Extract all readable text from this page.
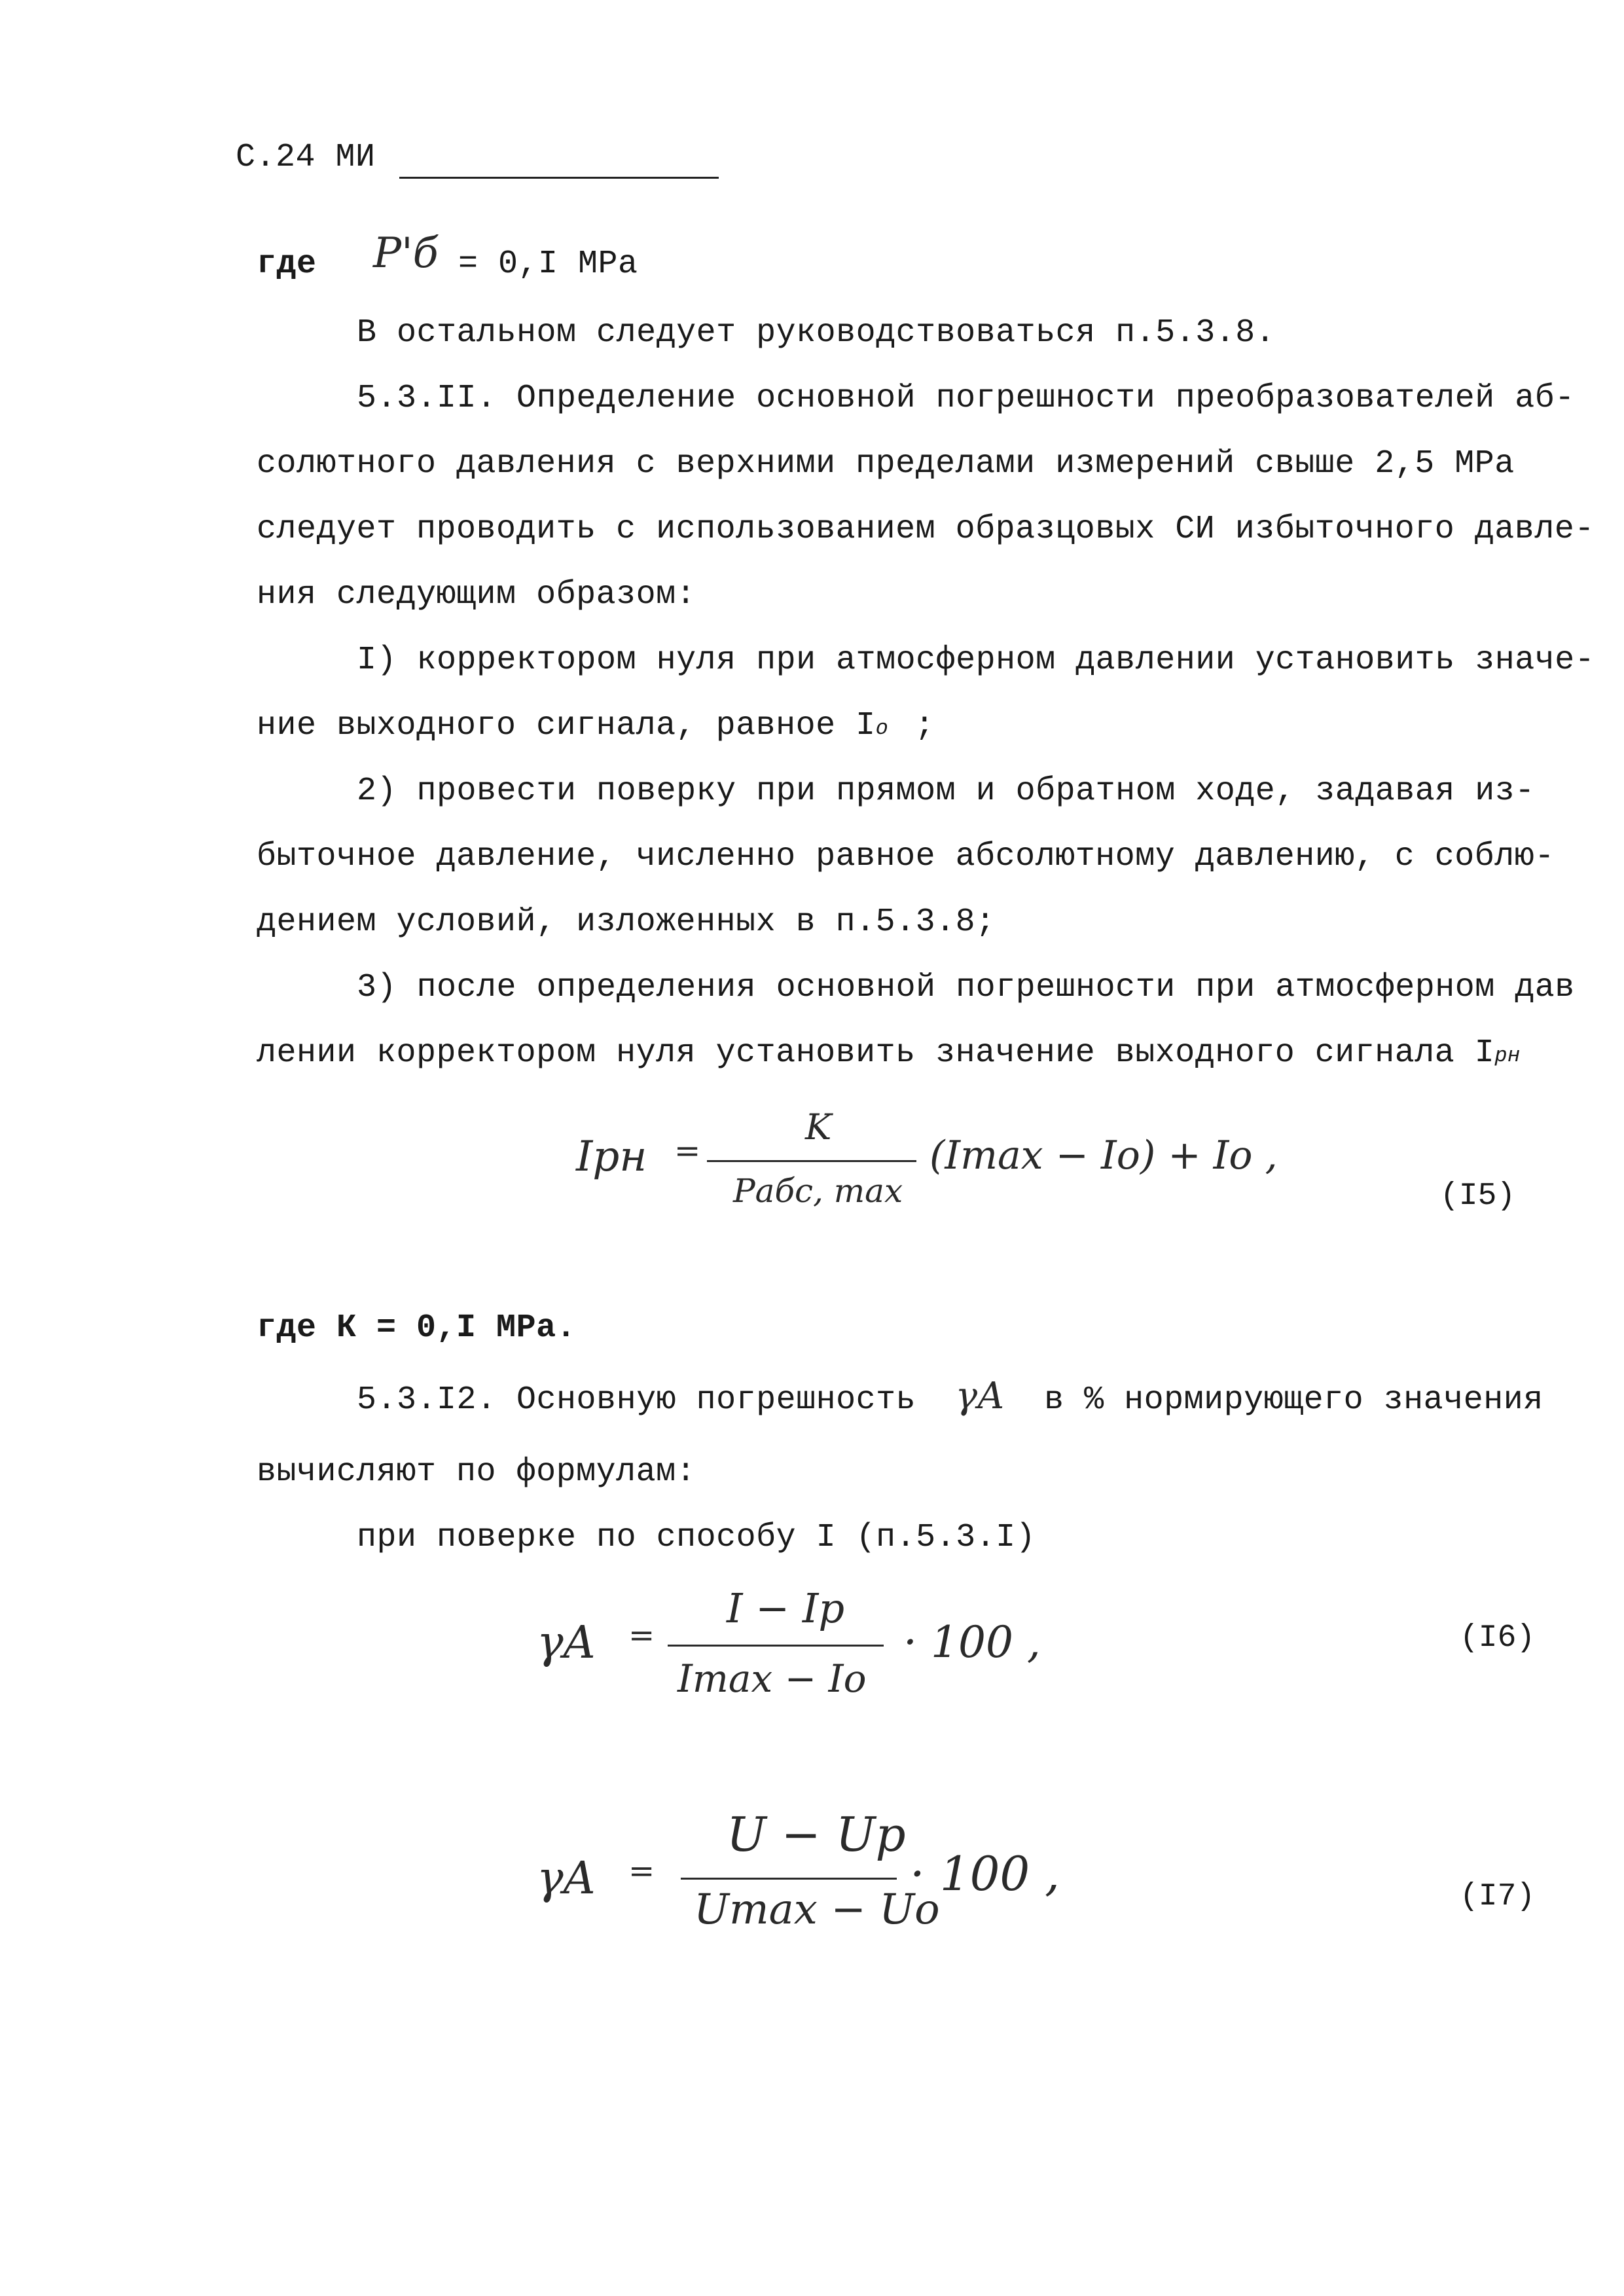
С.24 МИ
где P'б = 0,I MPa
В остальном следует руководствоваться п.5.3.8.
5.3.II. Определение основной погрешности преобразователей аб-
солютного давления с верхними пределами измерений свыше 2,5 MPa
следует проводить с использованием образцовых СИ избыточного давле-
ния следующим образом:
I) корректором нуля при атмосферном давлении установить значе-
ние выходного сигнала, равное Iо ;
2) провести поверку при прямом и обратном ходе, задавая из-
быточное давление, численно равное абсолютному давлению, с соблю-
дением условий, изложенных в п.5.3.8;
3) после определения основной погрешности при атмосферном дав
лении корректором нуля установить значение выходного сигнала Iрн
Iрн =
K
Pабс, max
(Imax − Io) + Io ,
(I5)
где К = 0,I MPa.
5.3.I2. Основную погрешность γA в % нормирующего значения
вычисляют по формулам:
при поверке по способу I (п.5.3.I)
γA =
I − Ip
Imax − Io
· 100 ,	(I6)
γA =
U − Up
Umax − Uo
· 100 ,	(I7)
